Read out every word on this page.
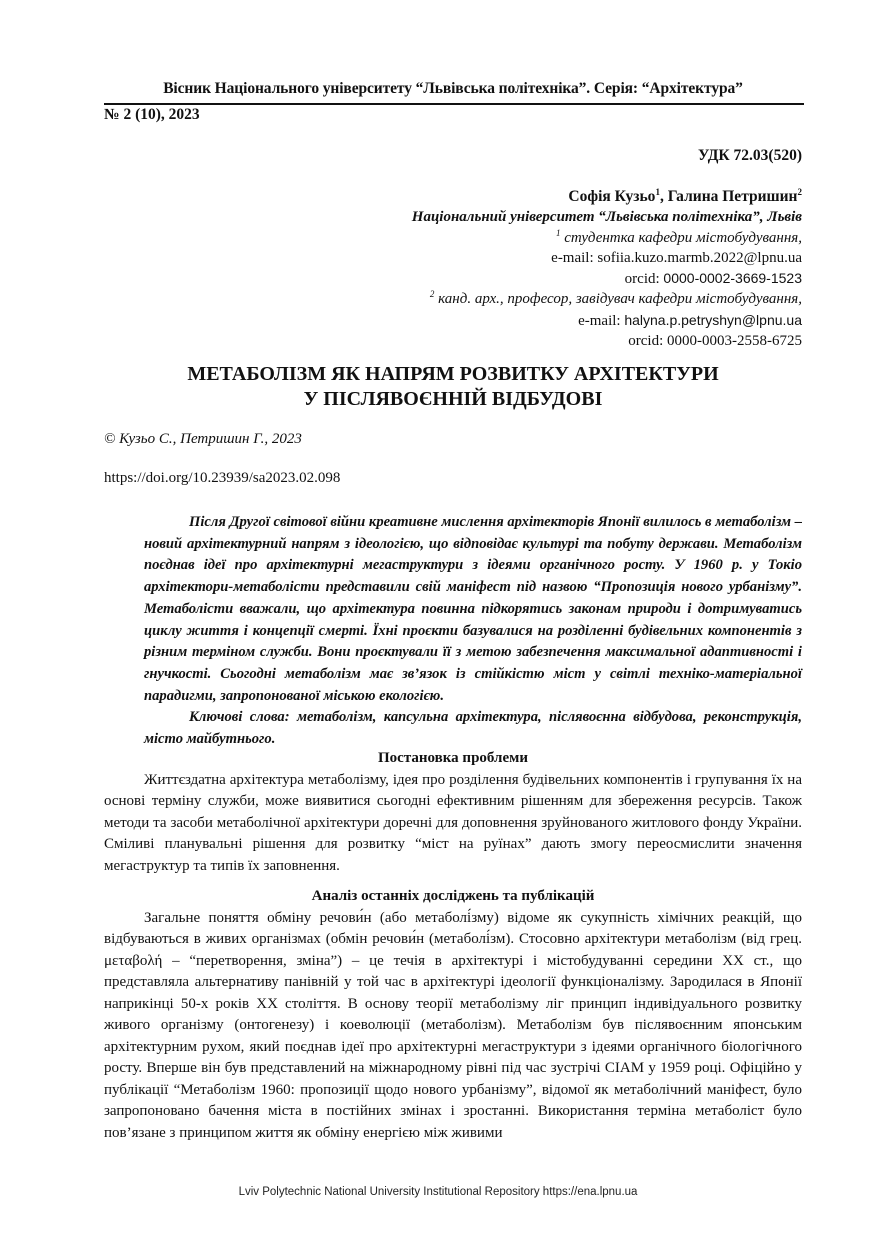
Вісник Національного університету “Львівська політехніка”. Серія: “Архітектура”
№ 2 (10), 2023
УДК 72.03(520)
Софія Кузьо$^1$, Галина Петришин$^2$
Національний університет “Львівська політехніка”, Львів
$^1$ студентка кафедри містобудування,
e-mail: sofiia.kuzo.marmb.2022@lpnu.ua
orcid: 0000-0002-3669-1523
$^2$ канд. арх., професор, завідувач кафедри містобудування,
e-mail: halyna.p.petryshyn@lpnu.ua
orcid: 0000-0003-2558-6725
МЕТАБОЛІЗМ ЯК НАПРЯМ РОЗВИТКУ АРХІТЕКТУРИ
У ПІСЛЯВОЄННІЙ ВІДБУДОВІ
© Кузьо С., Петришин Г., 2023
https://doi.org/10.23939/sa2023.02.098

Після Другої світової війни креативне мислення архітекторів Японії вилилось в метаболізм – новий архітектурний напрям з ідеологією, що відповідає культурі та побуту держави. Метаболізм поєднав ідеї про архітектурні мегаструктури з ідеями органічного росту. У 1960 р. у Токіо архітектори-метаболісти представили свій маніфест під назвою “Пропозиція нового урбанізму”. Метаболісти вважали, що архітектура повинна підкорятись законам природи і дотримуватись циклу життя і концепції смерті. Їхні проєкти базувалися на розділенні будівельних компонентів з різним терміном служби. Вони проєктували її з метою забезпечення максимальної адаптивності і гнучкості. Сьогодні метаболізм має зв’язок із стійкістю міст у світлі техніко-матеріальної парадигми, запропонованої міською екологією.

Ключові слова: метаболізм, капсульна архітектура, післявоєнна відбудова, реконструкція, місто майбутнього.

Постановка проблеми

Життєздатна архітектура метаболізму, ідея про розділення будівельних компонентів і групування їх на основі терміну служби, може виявитися сьогодні ефективним рішенням для збереження ресурсів. Також методи та засоби метаболічної архітектури доречні для доповнення зруйнованого житлового фонду України. Сміливі планувальні рішення для розвитку “міст на руїнах” дають змогу переосмислити значення мегаструктур та типів їх заповнення.

Аналіз останніх досліджень та публікацій

Загальне поняття обміну речови́н (або метаболі́зму) відоме як сукупність хімічних реакцій, що відбуваються в живих організмах (обмін речови́н (метаболі́зм). Стосовно архітектури метаболізм (від грец. μεταβολή – “перетворення, зміна”) – це течія в архітектурі і містобудуванні середини XX ст., що представляла альтернативу панівній у той час в архітектурі ідеології функціоналізму. Зародилася в Японії наприкінці 50-х років XX століття. В основу теорії метаболізму ліг принцип індивідуального розвитку живого організму (онтогенезу) і коеволюції (метаболізм). Метаболізм був післявоєнним японським архітектурним рухом, який поєднав ідеї про архітектурні мегаструктури з ідеями органічного біологічного росту. Вперше він був представлений на міжнародному рівні під час зустрічі CIAM у 1959 році. Офіційно у публікації “Метаболізм 1960: пропозиції щодо нового урбанізму”, відомої як метаболічний маніфест, було запропоновано бачення міста в постійних змінах і зростанні. Використання терміна метаболіст було пов’язане з принципом життя як обміну енергією між живими

Lviv Polytechnic National University Institutional Repository https://ena.lpnu.ua
